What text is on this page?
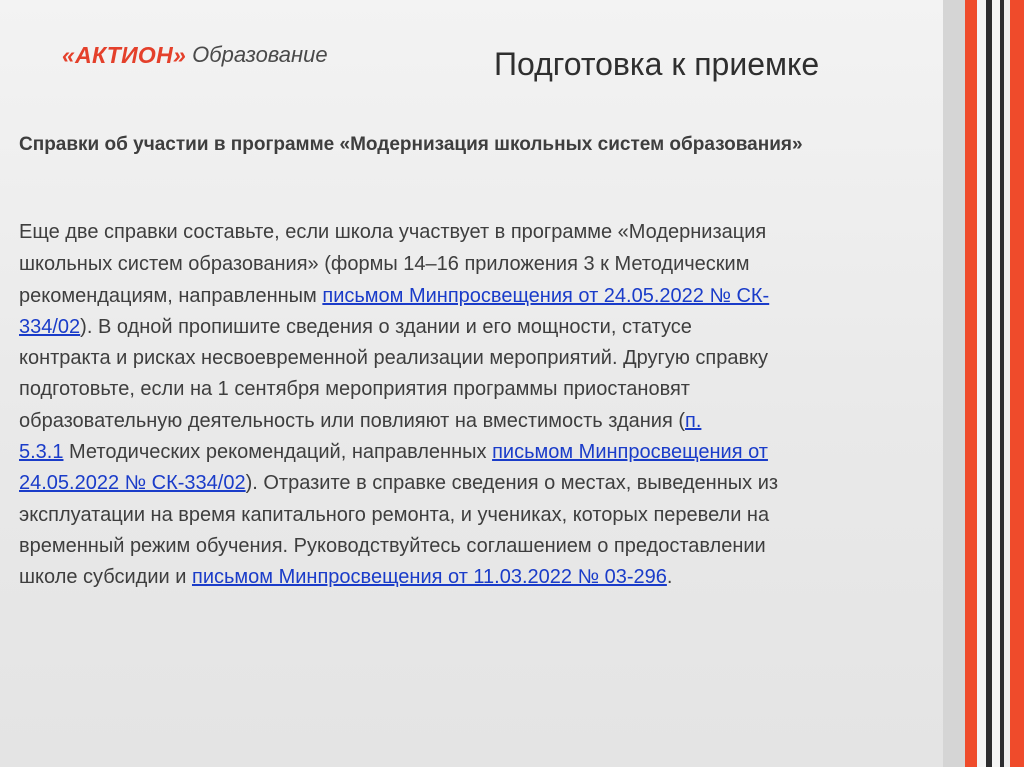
«АКТИОН» Образование	Подготовка к приемке
Справки об участии в программе «Модернизация школьных систем образования»
Еще две справки составьте, если школа участвует в программе «Модернизация
школьных систем образования» (формы 14–16 приложения 3 к Методическим
рекомендациям, направленным письмом Минпросвещения от 24.05.2022 № СК-
334/02). В одной пропишите сведения о здании и его мощности, статусе
контракта и рисках несвоевременной реализации мероприятий. Другую справку
подготовьте, если на 1 сентября мероприятия программы приостановят
образовательную деятельность или повлияют на вместимость здания (п.
5.3.1 Методических рекомендаций, направленных письмом Минпросвещения от
24.05.2022 № СК-334/02). Отразите в справке сведения о местах, выведенных из
эксплуатации на время капитального ремонта, и учениках, которых перевели на
временный режим обучения. Руководствуйтесь соглашением о предоставлении
школе субсидии и письмом Минпросвещения от 11.03.2022 № 03-296.
